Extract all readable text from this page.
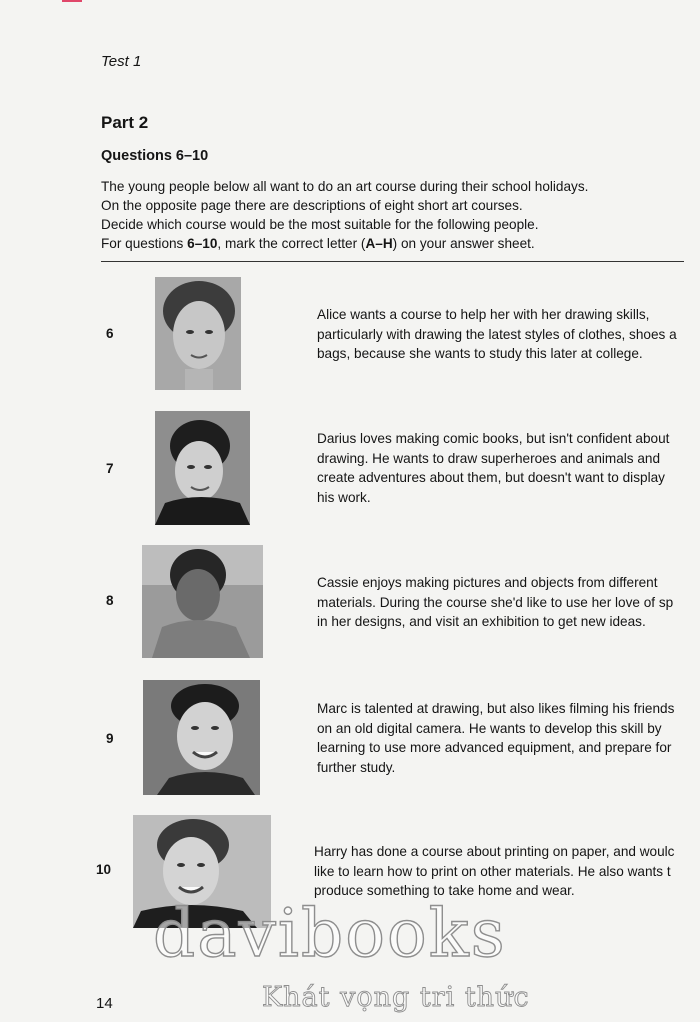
Test 1
Part 2
Questions 6–10

The young people below all want to do an art course during their school holidays.

On the opposite page there are descriptions of eight short art courses.

Decide which course would be the most suitable for the following people.

For questions 6–10, mark the correct letter (A–H) on your answer sheet.

6
Alice wants a course to help her with her drawing skills,
particularly with drawing the latest styles of clothes, shoes a
bags, because she wants to study this later at college.
7
Darius loves making comic books, but isn't confident about
drawing. He wants to draw superheroes and animals and
create adventures about them, but doesn't want to display
his work.
8
Cassie enjoys making pictures and objects from different
materials. During the course she'd like to use her love of sp
in her designs, and visit an exhibition to get new ideas.
9
Marc is talented at drawing, but also likes filming his friends
on an old digital camera. He wants to develop this skill by
learning to use more advanced equipment, and prepare for
further study.
10
Harry has done a course about printing on paper, and woulc
like to learn how to print on other materials. He also wants t
produce something to take home and wear.
davibooks
Khát vọng tri thức
14
